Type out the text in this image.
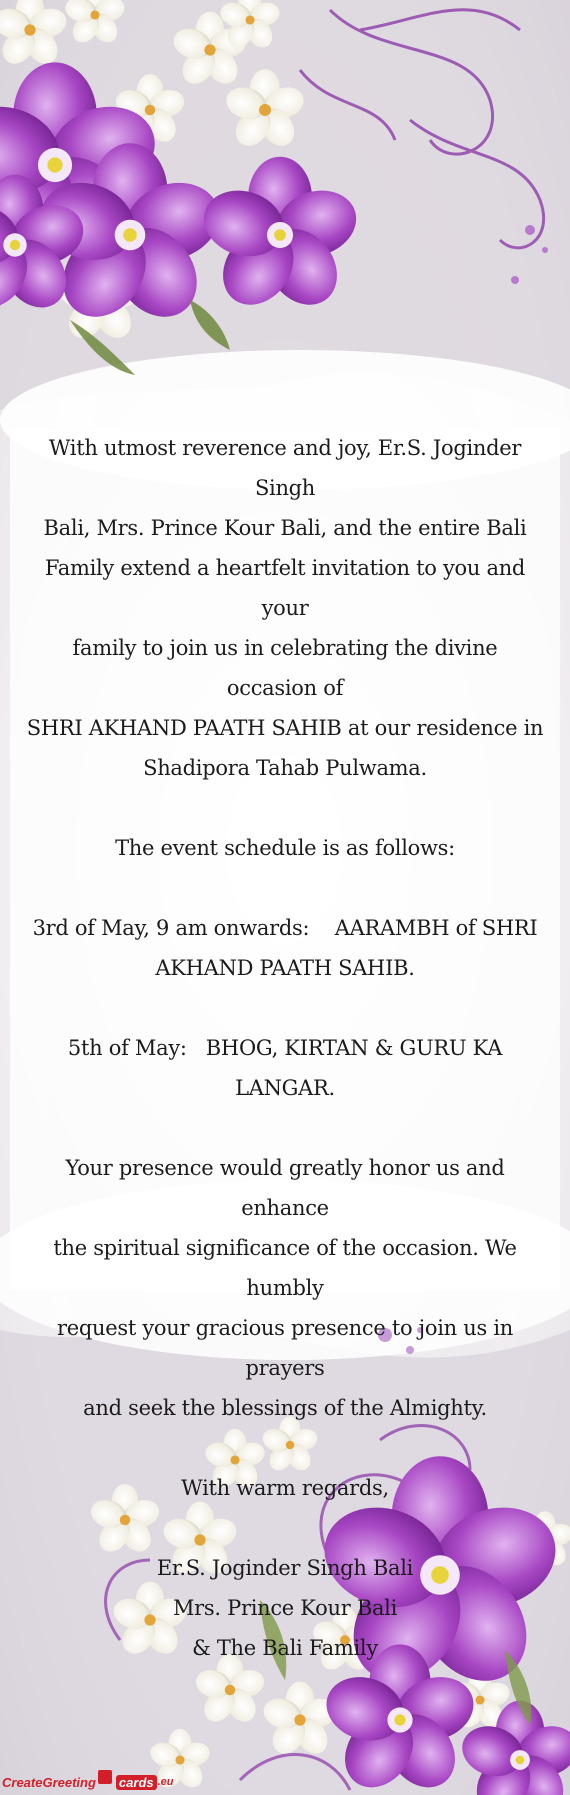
With utmost reverence and joy, Er.S. Joginder Singh

Bali, Mrs. Prince Kour Bali, and the entire Bali

Family extend a heartfelt invitation to you and your

family to join us in celebrating the divine occasion of

SHRI AKHAND PAATH SAHIB at our residence in

Shadipora Tahab Pulwama.

The event schedule is as follows:

3rd of May, 9 am onwards:    AARAMBH of SHRI

AKHAND PAATH SAHIB.

5th of May:   BHOG, KIRTAN & GURU KA

LANGAR.

Your presence would greatly honor us and enhance

the spiritual significance of the occasion. We humbly

request your gracious presence to join us in prayers

and seek the blessings of the Almighty.

With warm regards,

Er.S. Joginder Singh Bali

Mrs. Prince Kour Bali

& The Bali Family

CreateGreeting cards .eu
